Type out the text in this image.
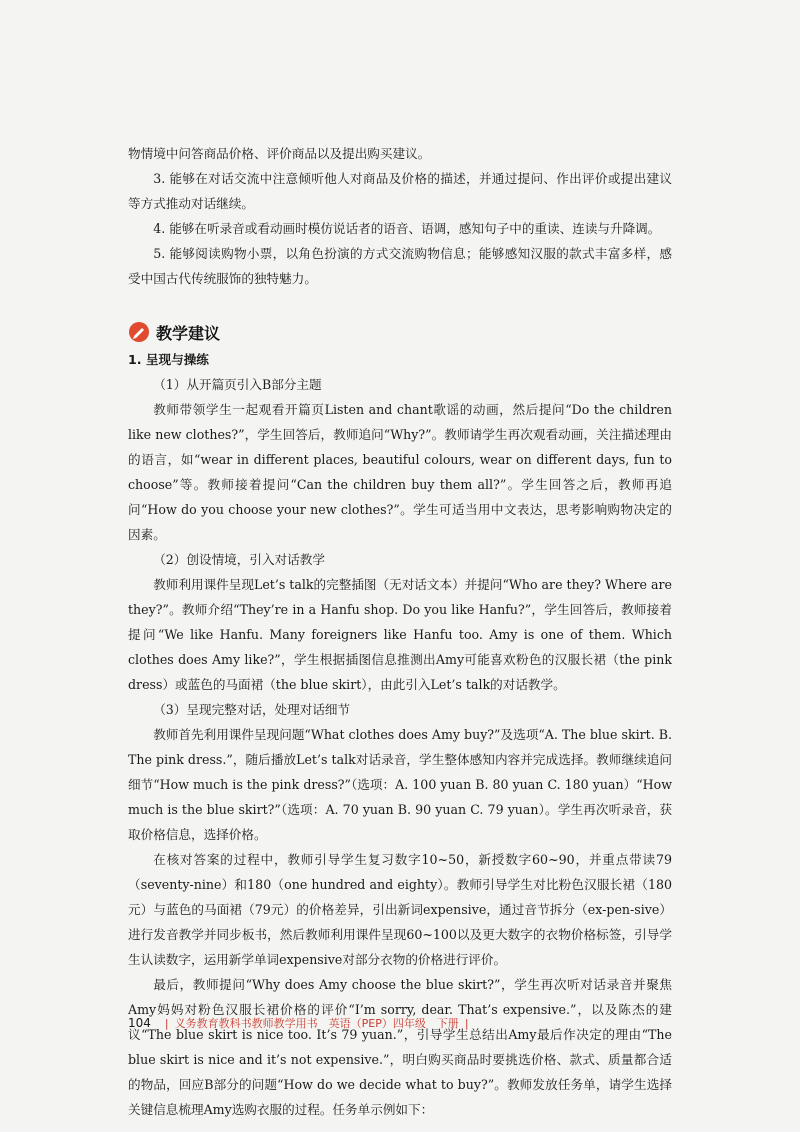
物情境中问答商品价格、评价商品以及提出购买建议。

3. 能够在对话交流中注意倾听他人对商品及价格的描述，并通过提问、作出评价或提出建议等方式推动对话继续。

4. 能够在听录音或看动画时模仿说话者的语音、语调，感知句子中的重读、连读与升降调。

5. 能够阅读购物小票，以角色扮演的方式交流购物信息；能够感知汉服的款式丰富多样，感受中国古代传统服饰的独特魅力。

教学建议
1. 呈现与操练

（1）从开篇页引入B部分主题

教师带领学生一起观看开篇页Listen and chant歌谣的动画，然后提问“Do the children like new clothes?”，学生回答后，教师追问“Why?”。教师请学生再次观看动画，关注描述理由的语言，如“wear in different places, beautiful colours, wear on different days, fun to choose”等。教师接着提问“Can the children buy them all?”。学生回答之后，教师再追问“How do you choose your new clothes?”。学生可适当用中文表达，思考影响购物决定的因素。

（2）创设情境，引入对话教学

教师利用课件呈现Let’s talk的完整插图（无对话文本）并提问“Who are they? Where are they?”。教师介绍“They’re in a Hanfu shop. Do you like Hanfu?”，学生回答后，教师接着提问“We like Hanfu. Many foreigners like Hanfu too. Amy is one of them. Which clothes does Amy like?”，学生根据插图信息推测出Amy可能喜欢粉色的汉服长裙（the pink dress）或蓝色的马面裙（the blue skirt），由此引入Let’s talk的对话教学。

（3）呈现完整对话，处理对话细节

教师首先利用课件呈现问题“What clothes does Amy buy?”及选项“A. The blue skirt. B. The pink dress.”，随后播放Let’s talk对话录音，学生整体感知内容并完成选择。教师继续追问细节“How much is the pink dress?”（选项：A. 100 yuan B. 80 yuan C. 180 yuan）“How much is the blue skirt?”（选项：A. 70 yuan B. 90 yuan C. 79 yuan）。学生再次听录音，获取价格信息，选择价格。

在核对答案的过程中，教师引导学生复习数字10~50，新授数字60~90，并重点带读79（seventy-nine）和180（one hundred and eighty）。教师引导学生对比粉色汉服长裙（180元）与蓝色的马面裙（79元）的价格差异，引出新词expensive，通过音节拆分（ex-pen-sive）进行发音教学并同步板书，然后教师利用课件呈现60~100以及更大数字的衣物价格标签，引导学生认读数字，运用新学单词expensive对部分衣物的价格进行评价。

最后，教师提问“Why does Amy choose the blue skirt?”，学生再次听对话录音并聚焦Amy妈妈对粉色汉服长裙价格的评价“I’m sorry, dear. That’s expensive.”，以及陈杰的建议“The blue skirt is nice too. It’s 79 yuan.”，引导学生总结出Amy最后作决定的理由“The blue skirt is nice and it’s not expensive.”，明白购买商品时要挑选价格、款式、质量都合适的物品，回应B部分的问题“How do we decide what to buy?”。教师发放任务单，请学生选择关键信息梳理Amy选购衣服的过程。任务单示例如下：

104 | 义务教育教科书教师教学用书　英语（PEP）四年级　下册 |
